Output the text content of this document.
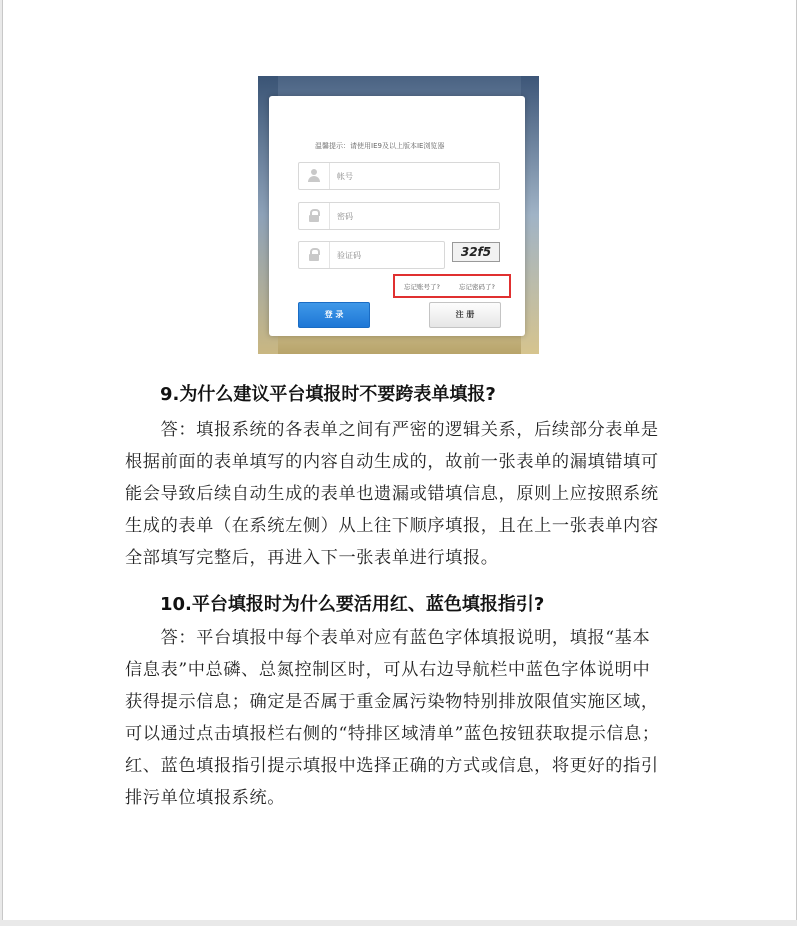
温馨提示：请使用IE9及以上版本IE浏览器
帐号
密码
验证码	32f5
忘记账号了?	忘记密码了?
登 录	注 册
9.为什么建议平台填报时不要跨表单填报?
　　答：填报系统的各表单之间有严密的逻辑关系，后续部分表单是
根据前面的表单填写的内容自动生成的，故前一张表单的漏填错填可
能会导致后续自动生成的表单也遗漏或错填信息，原则上应按照系统
生成的表单（在系统左侧）从上往下顺序填报，且在上一张表单内容
全部填写完整后，再进入下一张表单进行填报。
10.平台填报时为什么要活用红、蓝色填报指引?
　　答：平台填报中每个表单对应有蓝色字体填报说明，填报“基本
信息表”中总磷、总氮控制区时，可从右边导航栏中蓝色字体说明中
获得提示信息；确定是否属于重金属污染物特别排放限值实施区域，
可以通过点击填报栏右侧的“特排区域清单”蓝色按钮获取提示信息；
红、蓝色填报指引提示填报中选择正确的方式或信息，将更好的指引
排污单位填报系统。
